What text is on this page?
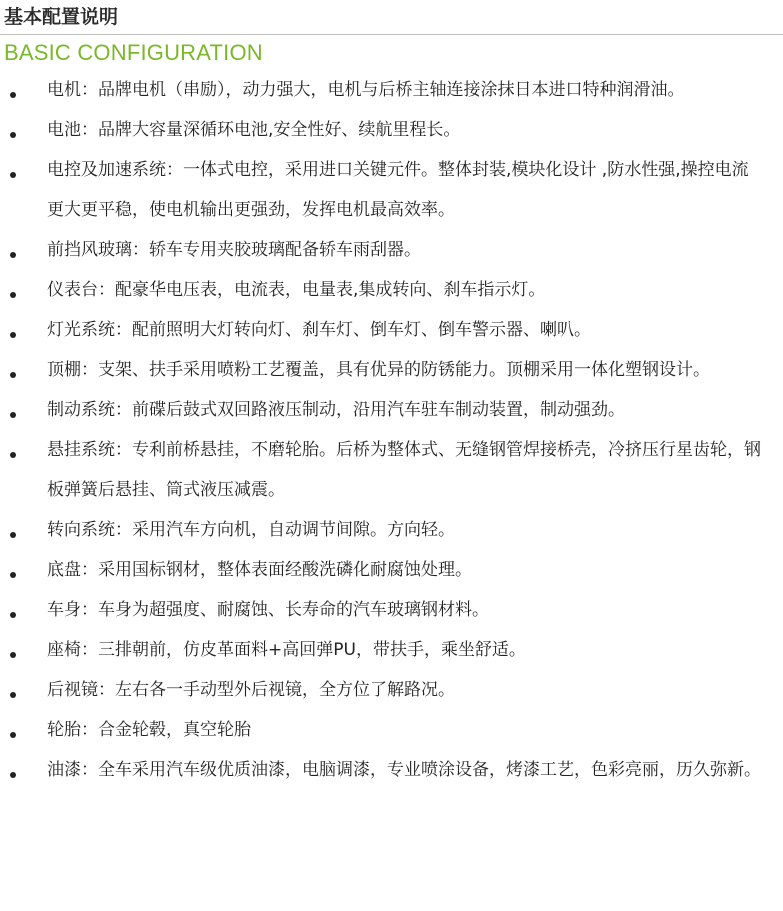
基本配置说明
BASIC CONFIGURATION
电机：品牌电机（串励），动力强大，电机与后桥主轴连接涂抹日本进口特种润滑油。
电池：品牌大容量深循环电池,安全性好、续航里程长。
电控及加速系统：一体式电控，采用进口关键元件。整体封装,模块化设计 ,防水性强,操控电流更大更平稳，使电机输出更强劲，发挥电机最高效率。
前挡风玻璃：轿车专用夹胶玻璃配备轿车雨刮器。
仪表台：配豪华电压表，电流表，电量表,集成转向、刹车指示灯。
灯光系统：配前照明大灯转向灯、刹车灯、倒车灯、倒车警示器、喇叭。
顶棚：支架、扶手采用喷粉工艺覆盖，具有优异的防锈能力。顶棚采用一体化塑钢设计。
制动系统：前碟后鼓式双回路液压制动，沿用汽车驻车制动装置，制动强劲。
悬挂系统：专利前桥悬挂，不磨轮胎。后桥为整体式、无缝钢管焊接桥壳，冷挤压行星齿轮，钢板弹簧后悬挂、筒式液压减震。
转向系统：采用汽车方向机，自动调节间隙。方向轻。
底盘：采用国标钢材，整体表面经酸洗磷化耐腐蚀处理。
车身：车身为超强度、耐腐蚀、长寿命的汽车玻璃钢材料。
座椅：三排朝前，仿皮革面料+高回弹PU，带扶手，乘坐舒适。
后视镜：左右各一手动型外后视镜，全方位了解路况。
轮胎：合金轮毂，真空轮胎
油漆：全车采用汽车级优质油漆，电脑调漆，专业喷涂设备，烤漆工艺，色彩亮丽，历久弥新。
